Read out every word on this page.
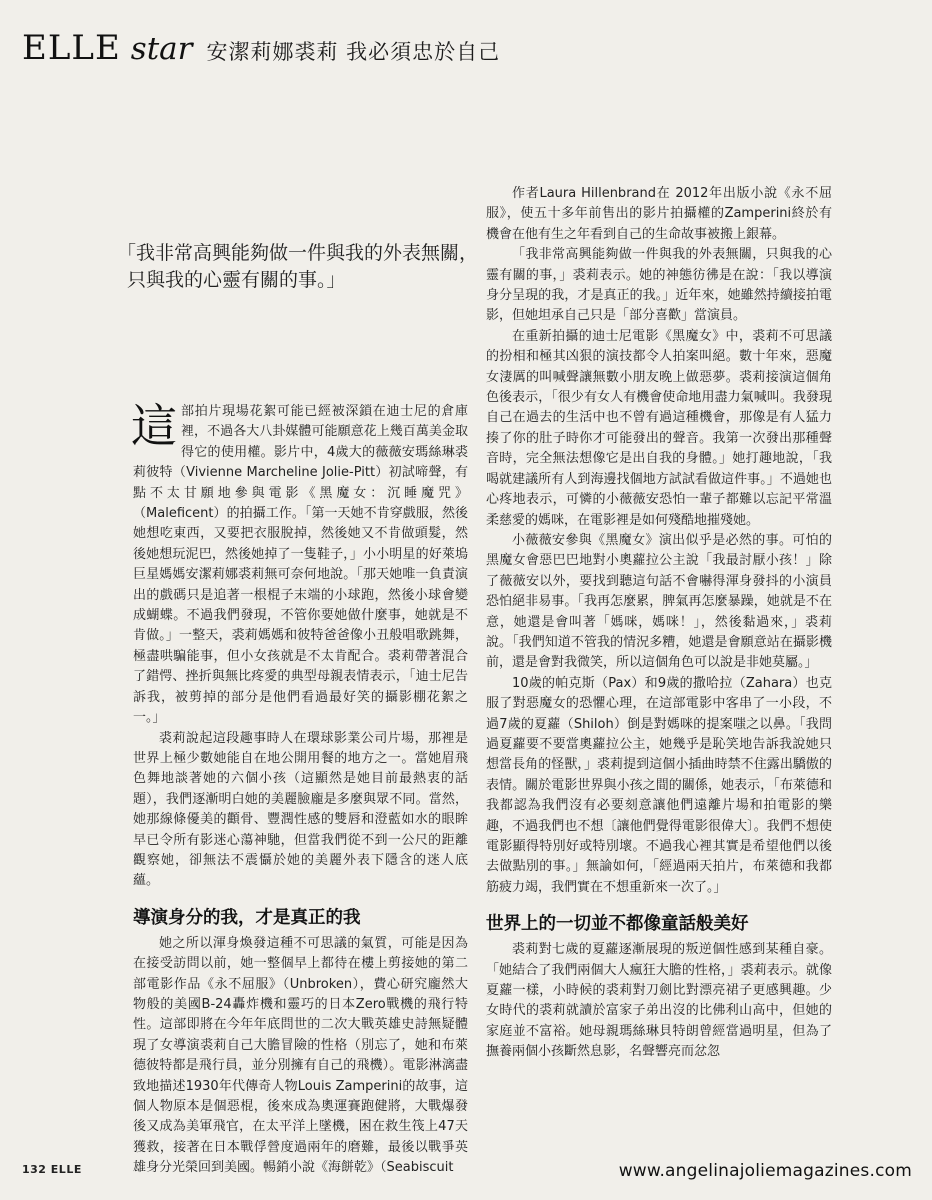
ELLE star 安潔莉娜裘莉 我必須忠於自己
「我非常高興能夠做一件與我的外表無關，
只與我的心靈有關的事。」

這部拍片現場花絮可能已經被深鎖在迪士尼的倉庫裡，不過各大八卦媒體可能願意花上幾百萬美金取得它的使用權。影片中，4歲大的薇薇安瑪絲琳裘莉彼特（Vivienne Marcheline Jolie-Pitt）初試啼聲，有點不太甘願地參與電影《黑魔女：沉睡魔咒》（Maleficent）的拍攝工作。「第一天她不肯穿戲服，然後她想吃東西，又要把衣服脫掉，然後她又不肯做頭髮，然後她想玩泥巴，然後她掉了一隻鞋子，」小小明星的好萊塢巨星媽媽安潔莉娜裘莉無可奈何地說。「那天她唯一負責演出的戲碼只是追著一根棍子末端的小球跑，然後小球會變成蝴蝶。不過我們發現，不管你要她做什麼事，她就是不肯做。」一整天，裘莉媽媽和彼特爸爸像小丑般唱歌跳舞，極盡哄騙能事，但小女孩就是不太肯配合。裘莉帶著混合了錯愕、挫折與無比疼愛的典型母親表情表示，「迪士尼告訴我，被剪掉的部分是他們看過最好笑的攝影棚花絮之一。」

裘莉說起這段趣事時人在環球影業公司片場，那裡是世界上極少數她能自在地公開用餐的地方之一。當她眉飛色舞地談著她的六個小孩（這顯然是她目前最熱衷的話題），我們逐漸明白她的美麗臉龐是多麼與眾不同。當然，她那線條優美的顴骨、豐潤性感的雙唇和澄藍如水的眼眸早已令所有影迷心蕩神馳，但當我們從不到一公尺的距離觀察她，卻無法不震懾於她的美麗外表下隱含的迷人底蘊。

導演身分的我，才是真正的我

她之所以渾身煥發這種不可思議的氣質，可能是因為在接受訪問以前，她一整個早上都待在樓上剪接她的第二部電影作品《永不屈服》（Unbroken），費心研究龐然大物般的美國B-24轟炸機和靈巧的日本Zero戰機的飛行特性。這部即將在今年年底問世的二次大戰英雄史詩無疑體現了女導演裘莉自己大膽冒險的性格（別忘了，她和布萊德彼特都是飛行員，並分別擁有自己的飛機）。電影淋漓盡致地描述1930年代傳奇人物Louis Zamperini的故事，這個人物原本是個惡棍，後來成為奧運賽跑健將，大戰爆發後又成為美軍飛官，在太平洋上墜機，困在救生筏上47天獲救，接著在日本戰俘營度過兩年的磨難，最後以戰爭英雄身分光榮回到美國。暢銷小說《海餅乾》（Seabiscuit

作者Laura Hillenbrand在 2012年出版小說《永不屈服》，使五十多年前售出的影片拍攝權的Zamperini終於有機會在他有生之年看到自己的生命故事被搬上銀幕。

「我非常高興能夠做一件與我的外表無關，只與我的心靈有關的事，」裘莉表示。她的神態彷彿是在說：「我以導演身分呈現的我，才是真正的我。」近年來，她雖然持續接拍電影，但她坦承自己只是「部分喜歡」當演員。

在重新拍攝的迪士尼電影《黑魔女》中，裘莉不可思議的扮相和極其凶狠的演技都令人拍案叫絕。數十年來，惡魔女淒厲的叫喊聲讓無數小朋友晚上做惡夢。裘莉接演這個角色後表示，「很少有女人有機會使命地用盡力氣喊叫。我發現自己在過去的生活中也不曾有過這種機會，那像是有人猛力揍了你的肚子時你才可能發出的聲音。我第一次發出那種聲音時，完全無法想像它是出自我的身體。」她打趣地說，「我喝就建議所有人到海邊找個地方試試看做這件事。」不過她也心疼地表示，可憐的小薇薇安恐怕一輩子都難以忘記平常溫柔慈愛的媽咪，在電影裡是如何殘酷地摧殘她。

小薇薇安參與《黑魔女》演出似乎是必然的事。可怕的黑魔女會惡巴巴地對小奧蘿拉公主說「我最討厭小孩！」除了薇薇安以外，要找到聽這句話不會嚇得渾身發抖的小演員恐怕絕非易事。「我再怎麼累，脾氣再怎麼暴躁，她就是不在意，她還是會叫著「媽咪，媽咪！」，然後黏過來，」裘莉說。「我們知道不管我的情況多糟，她還是會願意站在攝影機前，還是會對我微笑，所以這個角色可以說是非她莫屬。」

10歲的帕克斯（Pax）和9歲的撒哈拉（Zahara）也克服了對惡魔女的恐懼心理，在這部電影中客串了一小段，不過7歲的夏蘿（Shiloh）倒是對媽咪的提案嗤之以鼻。「我問過夏蘿要不要當奧蘿拉公主，她幾乎是恥笑地告訴我說她只想當長角的怪獸，」裘莉提到這個小插曲時禁不住露出驕傲的表情。關於電影世界與小孩之間的關係，她表示，「布萊德和我都認為我們沒有必要刻意讓他們遠離片場和拍電影的樂趣，不過我們也不想〔讓他們覺得電影很偉大〕。我們不想使電影顯得特別好或特別壞。不過我心裡其實是希望他們以後去做點別的事。」無論如何，「經過兩天拍片，布萊德和我都筋疲力竭，我們實在不想重新來一次了。」

世界上的一切並不都像童話般美好

裘莉對七歲的夏蘿逐漸展現的叛逆個性感到某種自豪。「她結合了我們兩個大人瘋狂大膽的性格，」裘莉表示。就像夏蘿一樣，小時候的裘莉對刀劍比對漂亮裙子更感興趣。少女時代的裘莉就讀於富家子弟出沒的比佛利山高中，但她的家庭並不富裕。她母親瑪絲琳貝特朗曾經當過明星，但為了撫養兩個小孩斷然息影，名聲響亮而忿忽

132 ELLE	www.angelinajoliemagazines.com
